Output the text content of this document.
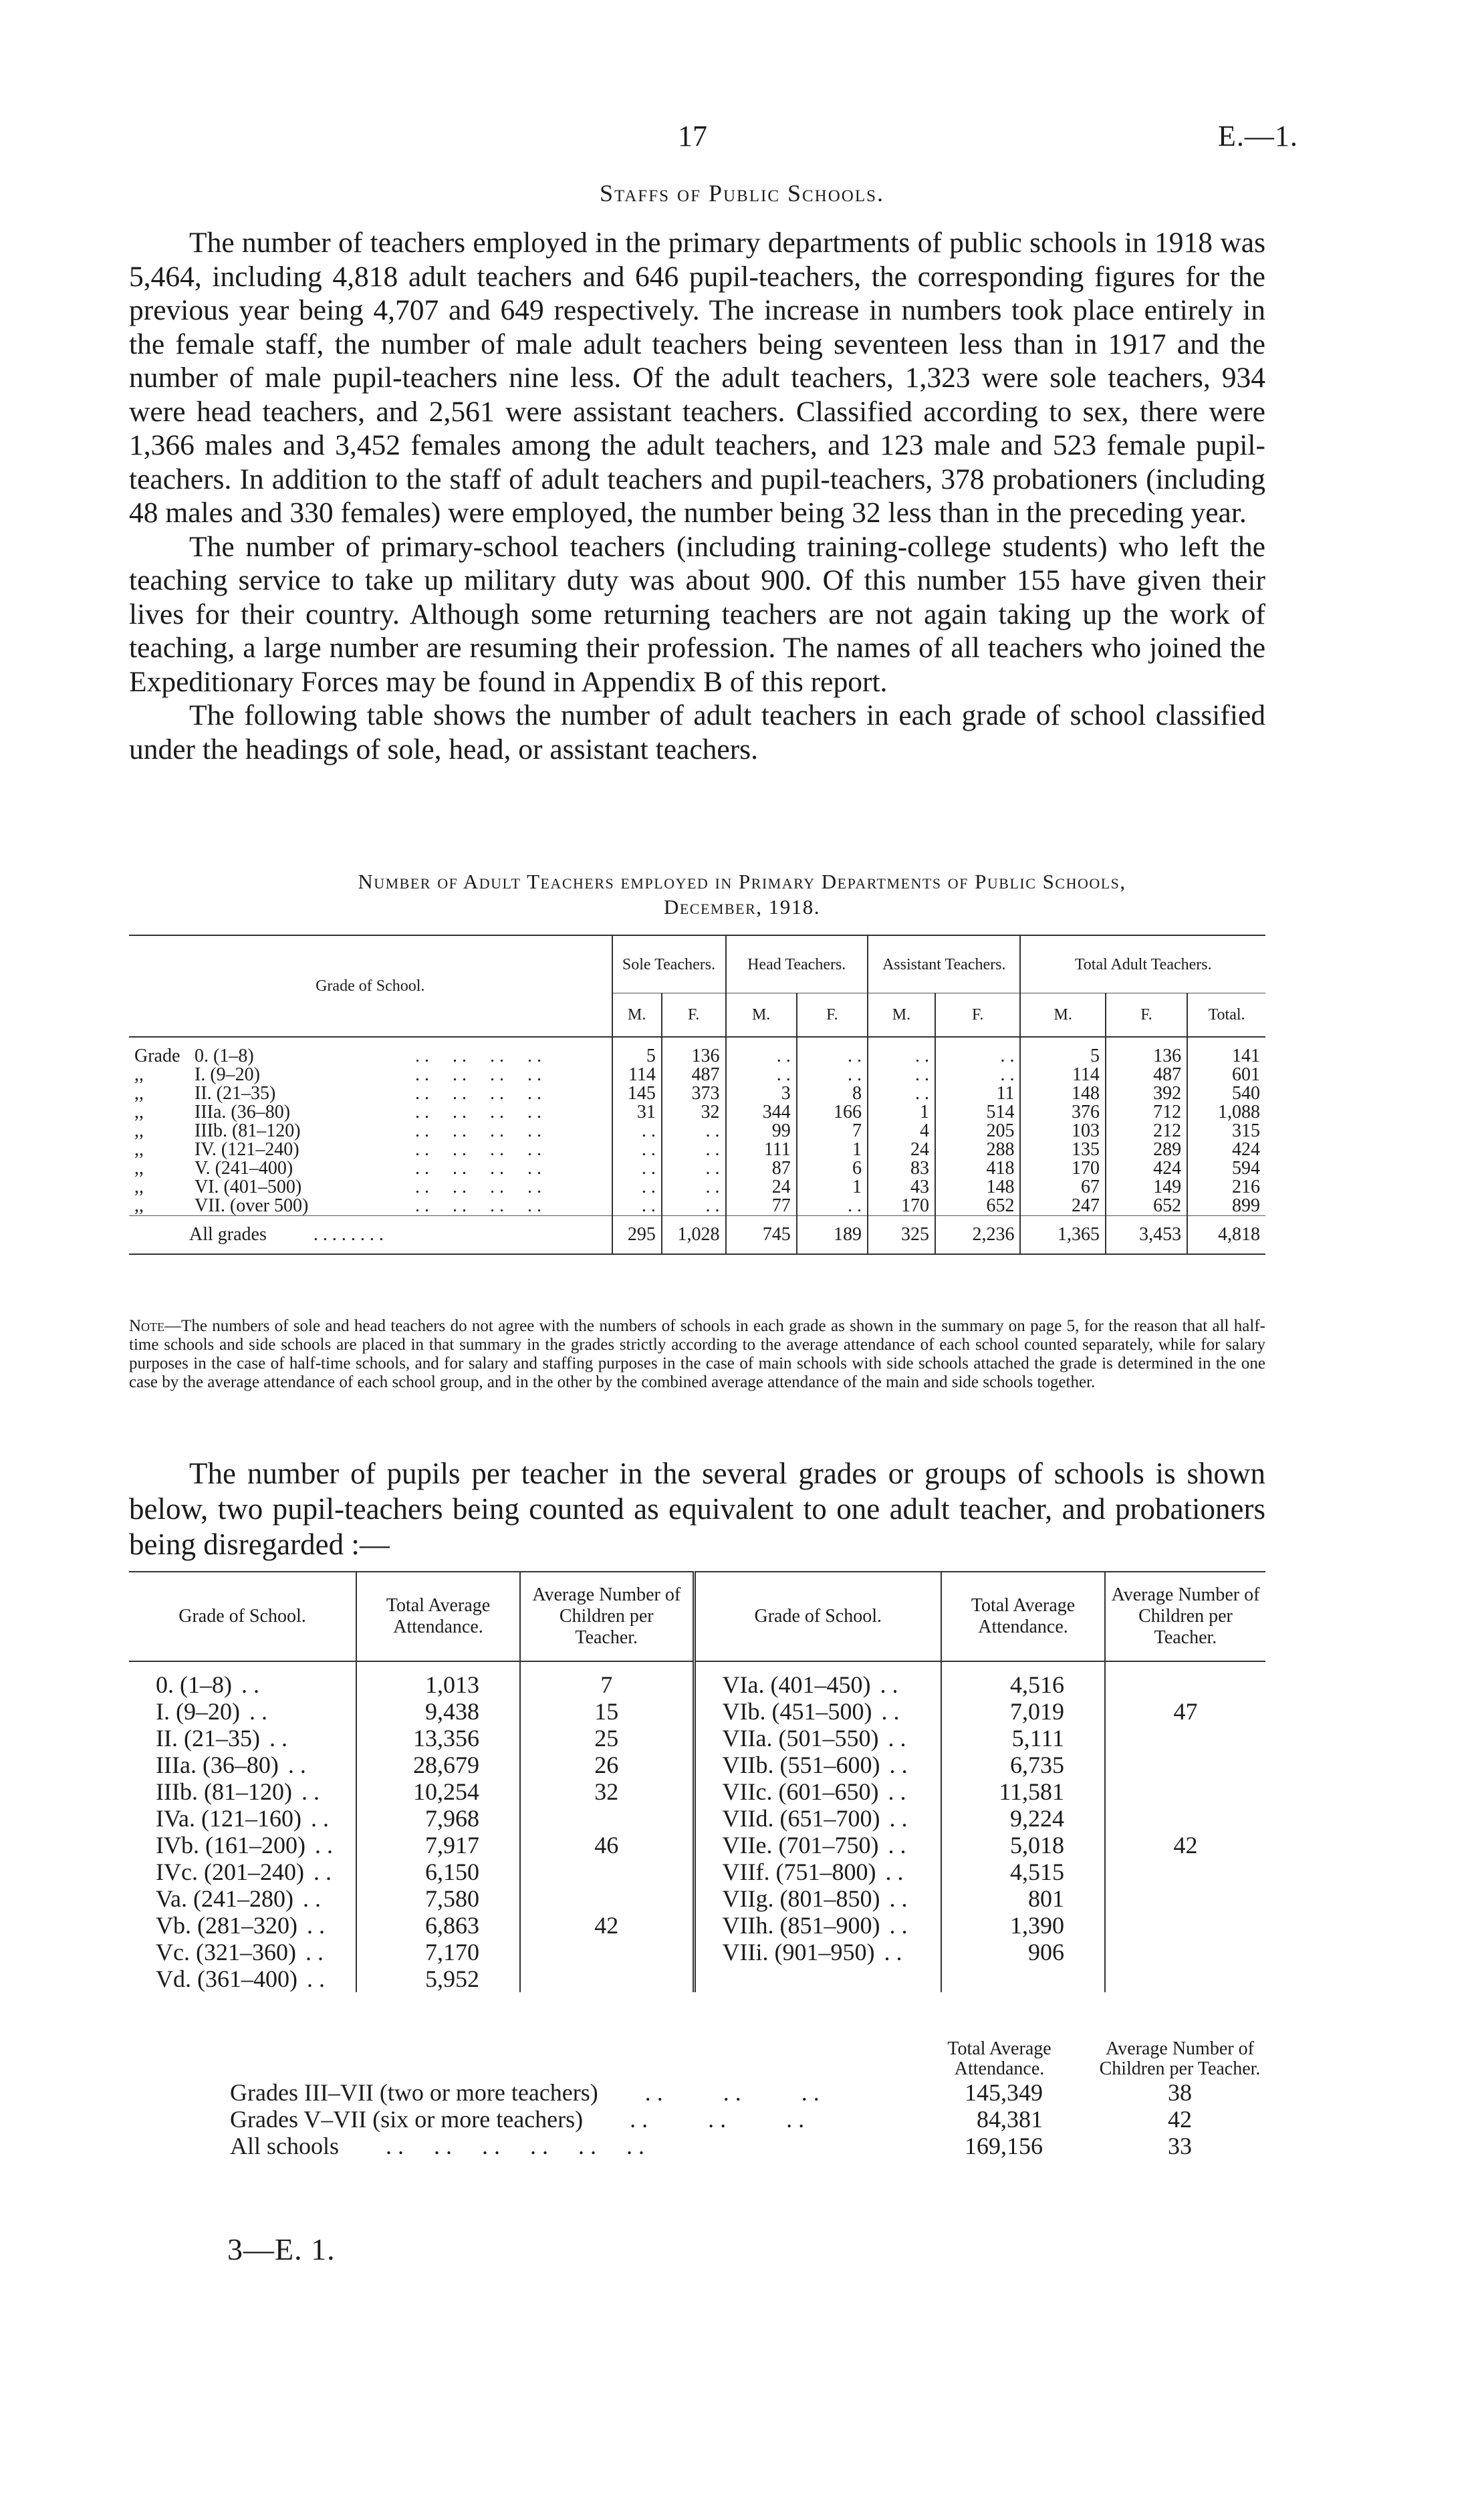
17	E.—1.
Staffs of Public Schools.

The number of teachers employed in the primary departments of public schools in 1918 was 5,464, including 4,818 adult teachers and 646 pupil-teachers, the corresponding figures for the previous year being 4,707 and 649 respectively. The increase in numbers took place entirely in the female staff, the number of male adult teachers being seventeen less than in 1917 and the number of male pupil-teachers nine less. Of the adult teachers, 1,323 were sole teachers, 934 were head teachers, and 2,561 were assistant teachers. Classified according to sex, there were 1,366 males and 3,452 females among the adult teachers, and 123 male and 523 female pupil-teachers. In addition to the staff of adult teachers and pupil-teachers, 378 probationers (including 48 males and 330 females) were employed, the number being 32 less than in the preceding year.

The number of primary-school teachers (including training-college students) who left the teaching service to take up military duty was about 900. Of this number 155 have given their lives for their country. Although some returning teachers are not again taking up the work of teaching, a large number are resuming their profession. The names of all teachers who joined the Expeditionary Forces may be found in Appendix B of this report.

The following table shows the number of adult teachers in each grade of school classified under the headings of sole, head, or assistant teachers.

Number of Adult Teachers employed in Primary Departments of Public Schools,
December, 1918.
Grade of School.	Sole Teachers.		Head Teachers.		Assistant Teachers.		Total Adult Teachers.		
	M.	F.	M.	F.	M.	F.	M.	F.	Total.
Grade 0. (1–8) . .     . .     . .     . .	5	136	. .	. .	. .	. .	5	136	141
,, I. (9–20) . .     . .     . .     . .	114	487	. .	. .	. .	. .	114	487	601
,, II. (21–35) . .     . .     . .     . .	145	373	3	8	. .	11	148	392	540
,, IIIa. (36–80) . .     . .     . .     . .	31	32	344	166	1	514	376	712	1,088
,, IIIb. (81–120) . .     . .     . .     . .	. .	. .	99	7	4	205	103	212	315
,, IV. (121–240) . .     . .     . .     . .	. .	. .	111	1	24	288	135	289	424
,, V. (241–400) . .     . .     . .     . .	. .	. .	87	6	83	418	170	424	594
,, VI. (401–500) . .     . .     . .     . .	. .	. .	24	1	43	148	67	149	216
,, VII. (over 500) . .     . .     . .     . .	. .	. .	77	. .	170	652	247	652	899
All grades . . . . . . . .	295	1,028	745	189	325	2,236	1,365	3,453	4,818
Note—The numbers of sole and head teachers do not agree with the numbers of schools in each grade as shown in the summary on page 5, for the reason that all half-time schools and side schools are placed in that summary in the grades strictly according to the average attendance of each school counted separately, while for salary purposes in the case of half-time schools, and for salary and staffing purposes in the case of main schools with side schools attached the grade is determined in the one case by the average attendance of each school group, and in the other by the combined average attendance of the main and side schools together.

The number of pupils per teacher in the several grades or groups of schools is shown below, two pupil-teachers being counted as equivalent to one adult teacher, and probationers being disregarded :—

Grade of School.	Total Average Attendance.	Average Number of Children per Teacher.	Grade of School.	Total Average Attendance.	Average Number of Children per Teacher.
0. (1–8) . .	1,013	7	VIa. (401–450) . .	4,516	
I. (9–20) . .	9,438	15	VIb. (451–500) . .	7,019	47
II. (21–35) . .	13,356	25	VIIa. (501–550) . .	5,111	
IIIa. (36–80) . .	28,679	26	VIIb. (551–600) . .	6,735	
IIIb. (81–120) . .	10,254	32	VIIc. (601–650) . .	11,581	
IVa. (121–160) . .	7,968		VIId. (651–700) . .	9,224	
IVb. (161–200) . .	7,917	46	VIIe. (701–750) . .	5,018	42
IVc. (201–240) . .	6,150		VIIf. (751–800) . .	4,515	
Va. (241–280) . .	7,580		VIIg. (801–850) . .	801	
Vb. (281–320) . .	6,863	42	VIIh. (851–900) . .	1,390	
Vc. (321–360) . .	7,170		VIIi. (901–950) . .	906	
Vd. (361–400) . .	5,952				
	Total Average Attendance.	Average Number of Children per Teacher.
Grades III–VII (two or more teachers) . .          . .          . .	145,349	38
Grades V–VII (six or more teachers) . .          . .          . .	84,381	42
All schools . .     . .     . .     . .     . .     . .	169,156	33
3—E. 1.
